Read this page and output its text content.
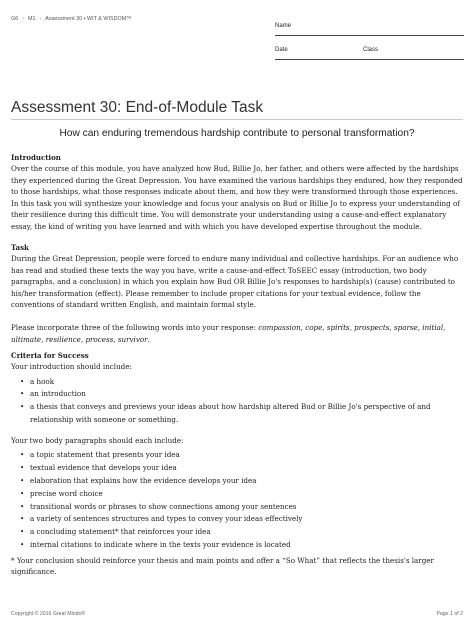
G6 › M1 › Assessment 30 • WIT & WISDOM™
Name
Date	Class
Assessment 30: End-of-Module Task
How can enduring tremendous hardship contribute to personal transformation?
Introduction

Over the course of this module, you have analyzed how Bud, Billie Jo, her father, and others were affected by the hardships they experienced during the Great Depression. You have examined the various hardships they endured, how they responded to those hardships, what those responses indicate about them, and how they were transformed through those experiences. In this task you will synthesize your knowledge and focus your analysis on Bud or Billie Jo to express your understanding of their resilience during this difficult time. You will demonstrate your understanding using a cause-and-effect explanatory essay, the kind of writing you have learned and with which you have developed expertise throughout the module.

Task

During the Great Depression, people were forced to endure many individual and collective hardships. For an audience who has read and studied these texts the way you have, write a cause-and-effect ToSEEC essay (introduction, two body paragraphs, and a conclusion) in which you explain how Bud OR Billie Jo's responses to hardship(s) (cause) contributed to his/her transformation (effect). Please remember to include proper citations for your textual evidence, follow the conventions of standard written English, and maintain formal style.

Please incorporate three of the following words into your response: compassion, cope, spirits, prospects, sparse, initial, ultimate, resilience, process, survivor.

Criteria for Success
Your introduction should include:
• a hook
• an introduction
• a thesis that conveys and previews your ideas about how hardship altered Bud or Billie Jo's perspective of and relationship with someone or something.
Your two body paragraphs should each include:
• a topic statement that presents your idea
• textual evidence that develops your idea
• elaboration that explains how the evidence develops your idea
• precise word choice
• transitional words or phrases to show connections among your sentences
• a variety of sentences structures and types to convey your ideas effectively
• a concluding statement* that reinforces your idea
• internal citations to indicate where in the texts your evidence is located
* Your conclusion should reinforce your thesis and main points and offer a “So What” that reflects the thesis's larger significance.
Copyright © 2016 Great Minds®	Page 1 of 2
